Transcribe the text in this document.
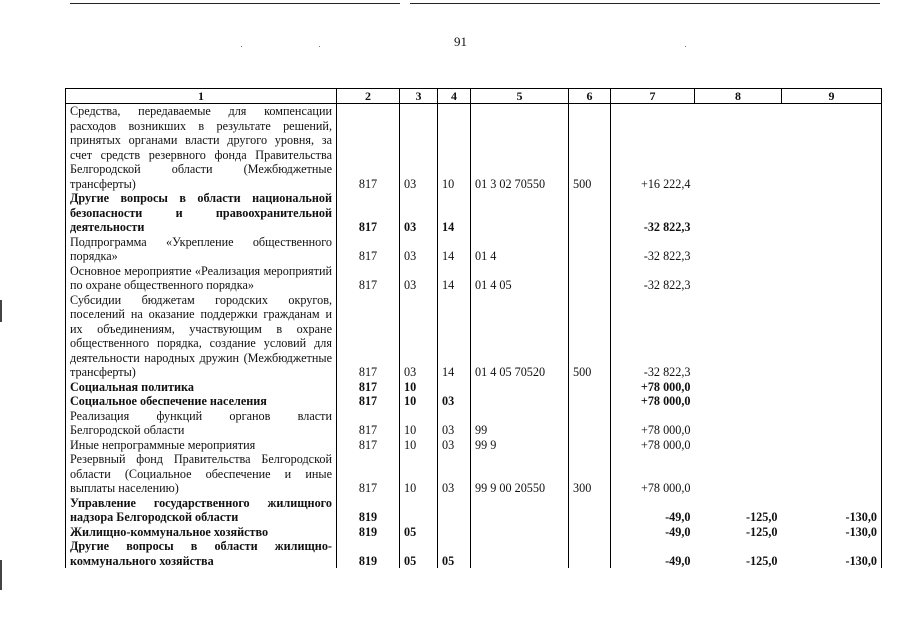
91
1	2	3	4	5	6	7	8	9
Средства, передаваемые для компенсации расходов возникших в результате решений, принятых органами власти другого уровня, за счет средств резервного фонда Правительства Белгородской области (Межбюджетные трансферты)	817	03	10	01 3 02 70550	500	+16 222,4		
Другие вопросы в области национальной безопасности и правоохранительной деятельности	817	03	14			-32 822,3		
Подпрограмма «Укрепление общественного порядка»	817	03	14	01 4		-32 822,3		
Основное мероприятие «Реализация мероприятий по охране общественного порядка»	817	03	14	01 4 05		-32 822,3		
Субсидии бюджетам городских округов, поселений на оказание поддержки гражданам и их объединениям, участвующим в охране общественного порядка, создание условий для деятельности народных дружин (Межбюджетные трансферты)	817	03	14	01 4 05 70520	500	-32 822,3		
Социальная политика	817	10				+78 000,0		
Социальное обеспечение населения	817	10	03			+78 000,0		
Реализация функций органов власти Белгородской области	817	10	03	99		+78 000,0		
Иные непрограммные мероприятия	817	10	03	99 9		+78 000,0		
Резервный фонд Правительства Белгородской области (Социальное обеспечение и иные выплаты населению)	817	10	03	99 9 00 20550	300	+78 000,0		
Управление государственного жилищного надзора Белгородской области	819					-49,0	-125,0	-130,0
Жилищно-коммунальное хозяйство	819	05				-49,0	-125,0	-130,0
Другие вопросы в области жилищно-коммунального хозяйства	819	05	05			-49,0	-125,0	-130,0
